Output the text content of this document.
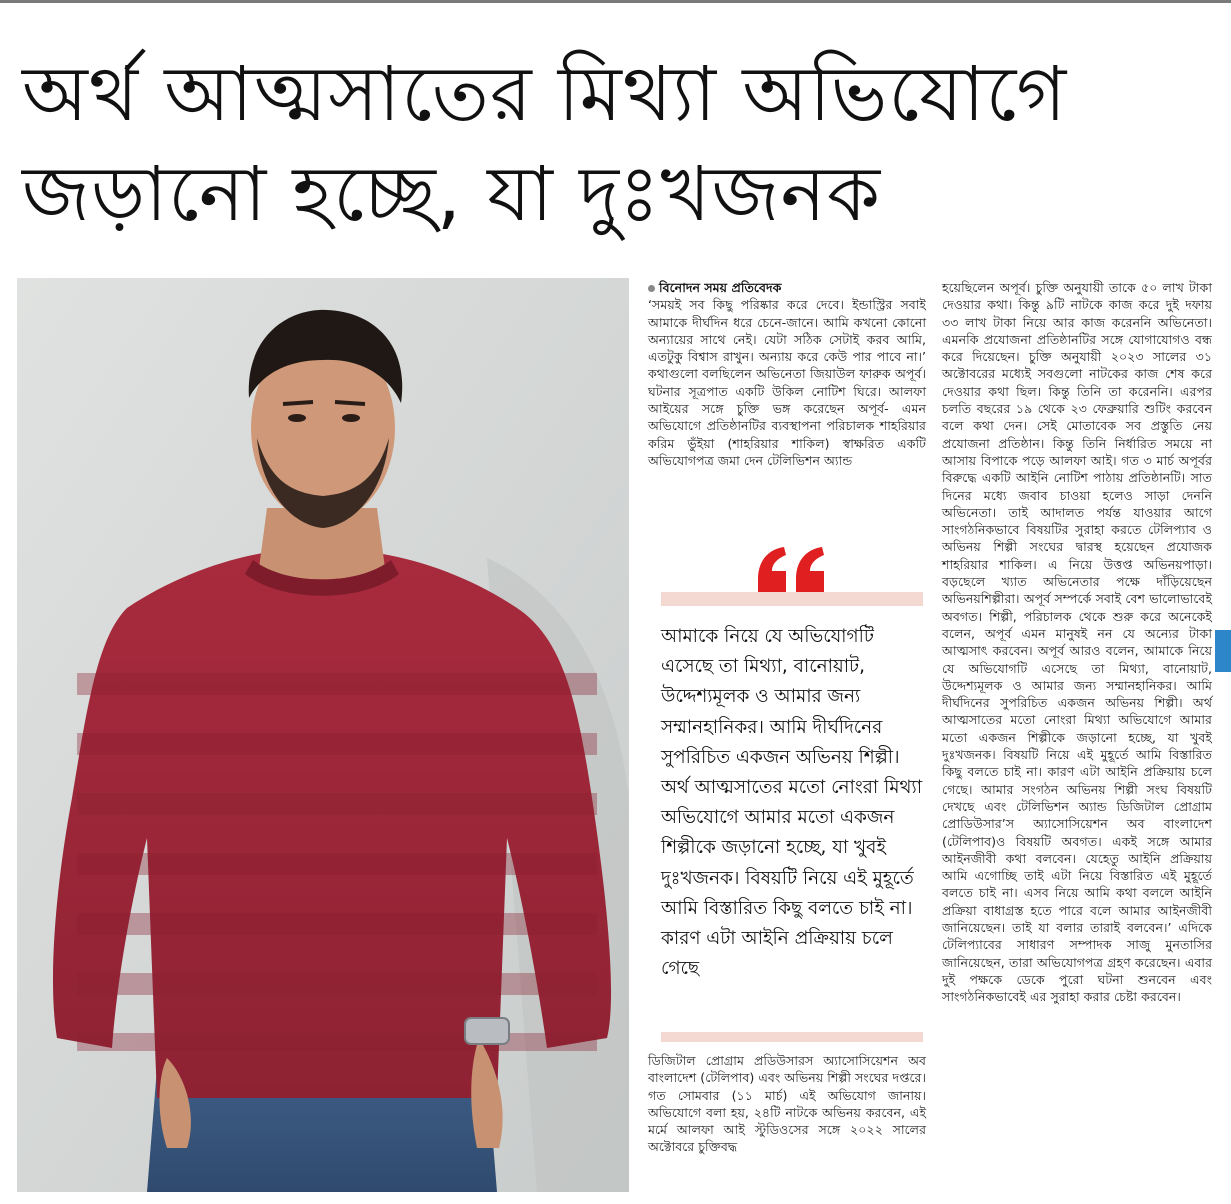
অর্থ আত্মসাতের মিথ্যা অভিযোগে
জড়ানো হচ্ছে, যা দুঃখজনক

বিনোদন সময় প্রতিবেদক

‘সময়ই সব কিছু পরিষ্কার করে দেবে। ইন্ডাস্ট্রির সবাই আমাকে দীর্ঘদিন ধরে চেনে-জানে। আমি কখনো কোনো অন্যায়ের সাথে নেই। যেটা সঠিক সেটাই করব আমি, এতটুকু বিশ্বাস রাখুন। অন্যায় করে কেউ পার পাবে না।’ কথাগুলো বলছিলেন অভিনেতা জিয়াউল ফারুক অপূর্ব। ঘটনার সূত্রপাত একটি উকিল নোটিশ ঘিরে। আলফা আইয়ের সঙ্গে চুক্তি ভঙ্গ করেছেন অপূর্ব- এমন অভিযোগে প্রতিষ্ঠানটির ব্যবস্থাপনা পরিচালক শাহরিয়ার করিম ভুঁইয়া (শাহরিয়ার শাকিল) স্বাক্ষরিত একটি অভিযোগপত্র জমা দেন টেলিভিশন অ্যান্ড

আমাকে নিয়ে যে অভিযোগটি এসেছে তা মিথ্যা, বানোয়াট, উদ্দেশ্যমূলক ও আমার জন্য সম্মানহানিকর। আমি দীর্ঘদিনের সুপরিচিত একজন অভিনয় শিল্পী। অর্থ আত্মসাতের মতো নোংরা মিথ্যা অভিযোগে আমার মতো একজন শিল্পীকে জড়ানো হচ্ছে, যা খুবই দুঃখজনক। বিষয়টি নিয়ে এই মুহূর্তে আমি বিস্তারিত কিছু বলতে চাই না। কারণ এটা আইনি প্রক্রিয়ায় চলে গেছে

ডিজিটাল প্রোগ্রাম প্রডিউসারস অ্যাসোসিয়েশন অব বাংলাদেশ (টেলিপাব) এবং অভিনয় শিল্পী সংঘের দপ্তরে। গত সোমবার (১১ মার্চ) এই অভিযোগ জানায়। অভিযোগে বলা হয়, ২৪টি নাটকে অভিনয় করবেন, এই মর্মে আলফা আই স্টুডিওসের সঙ্গে ২০২২ সালের অক্টোবরে চুক্তিবদ্ধ

হয়েছিলেন অপূর্ব। চুক্তি অনুযায়ী তাকে ৫০ লাখ টাকা দেওয়ার কথা। কিন্তু ৯টি নাটকে কাজ করে দুই দফায় ৩৩ লাখ টাকা নিয়ে আর কাজ করেননি অভিনেতা। এমনকি প্রযোজনা প্রতিষ্ঠানটির সঙ্গে যোগাযোগও বন্ধ করে দিয়েছেন। চুক্তি অনুযায়ী ২০২৩ সালের ৩১ অক্টোবরের মধ্যেই সবগুলো নাটকের কাজ শেষ করে দেওয়ার কথা ছিল। কিন্তু তিনি তা করেননি। এরপর চলতি বছরের ১৯ থেকে ২৩ ফেব্রুয়ারি শুটিং করবেন বলে কথা দেন। সেই মোতাবেক সব প্রস্তুতি নেয় প্রযোজনা প্রতিষ্ঠান। কিন্তু তিনি নির্ধারিত সময়ে না আসায় বিপাকে পড়ে আলফা আই। গত ৩ মার্চ অপূর্বর বিরুদ্ধে একটি আইনি নোটিশ পাঠায় প্রতিষ্ঠানটি। সাত দিনের মধ্যে জবাব চাওয়া হলেও সাড়া দেননি অভিনেতা। তাই আদালত পর্যন্ত যাওয়ার আগে সাংগঠনিকভাবে বিষয়টির সুরাহা করতে টেলিপ্যাব ও অভিনয় শিল্পী সংঘের দ্বারস্থ হয়েছেন প্রযোজক শাহরিয়ার শাকিল। এ নিয়ে উত্তপ্ত অভিনয়পাড়া। বড়ছেলে খ্যাত অভিনেতার পক্ষে দাঁড়িয়েছেন অভিনয়শিল্পীরা। অপূর্ব সম্পর্কে সবাই বেশ ভালোভাবেই অবগত। শিল্পী, পরিচালক থেকে শুরু করে অনেকেই বলেন, অপূর্ব এমন মানুষই নন যে অন্যের টাকা আত্মসাৎ করবেন। অপূর্ব আরও বলেন, আমাকে নিয়ে যে অভিযোগটি এসেছে তা মিথ্যা, বানোয়াট, উদ্দেশ্যমূলক ও আমার জন্য সম্মানহানিকর। আমি দীর্ঘদিনের সুপরিচিত একজন অভিনয় শিল্পী। অর্থ আত্মসাতের মতো নোংরা মিথ্যা অভিযোগে আমার মতো একজন শিল্পীকে জড়ানো হচ্ছে, যা খুবই দুঃখজনক। বিষয়টি নিয়ে এই মুহূর্তে আমি বিস্তারিত কিছু বলতে চাই না। কারণ এটা আইনি প্রক্রিয়ায় চলে গেছে। আমার সংগঠন অভিনয় শিল্পী সংঘ বিষয়টি দেখছে এবং টেলিভিশন অ্যান্ড ডিজিটাল প্রোগ্রাম প্রোডিউসার’স অ্যাসোসিয়েশন অব বাংলাদেশ (টেলিপাব)ও বিষয়টি অবগত। একই সঙ্গে আমার আইনজীবী কথা বলবেন। যেহেতু আইনি প্রক্রিয়ায় আমি এগোচ্ছি তাই এটা নিয়ে বিস্তারিত এই মুহূর্তে বলতে চাই না। এসব নিয়ে আমি কথা বললে আইনি প্রক্রিয়া বাধাগ্রস্ত হতে পারে বলে আমার আইনজীবী জানিয়েছেন। তাই যা বলার তারাই বলবেন।’ এদিকে টেলিপ্যাবের সাধারণ সম্পাদক সাজু মুনতাসির জানিয়েছেন, তারা অভিযোগপত্র গ্রহণ করেছেন। এবার দুই পক্ষকে ডেকে পুরো ঘটনা শুনবেন এবং সাংগঠনিকভাবেই এর সুরাহা করার চেষ্টা করবেন।
